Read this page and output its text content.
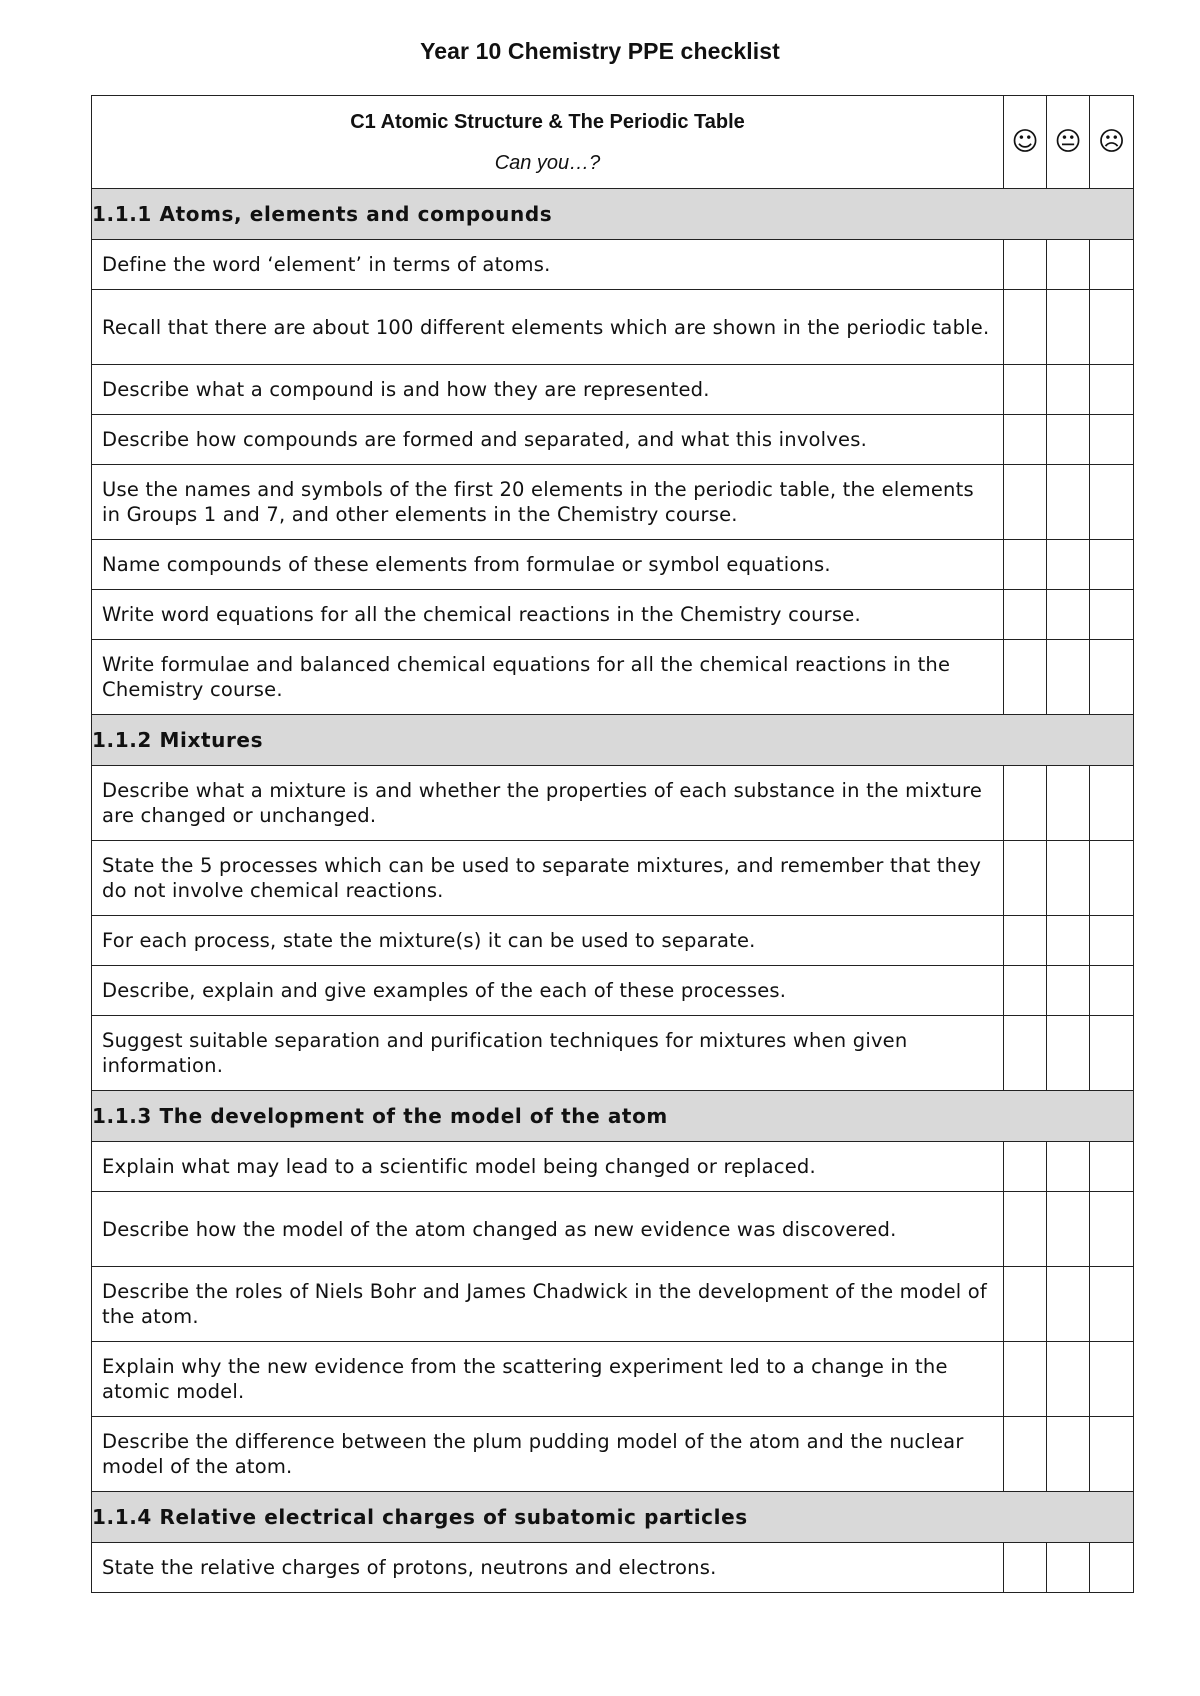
Year 10 Chemistry PPE checklist
C1 Atomic Structure & The Periodic Table
Can you…?	☺	😐	☹
1.1.1 Atoms, elements and compounds			
Define the word ‘element’ in terms of atoms.			
Recall that there are about 100 different elements which are shown in the periodic table.			
Describe what a compound is and how they are represented.			
Describe how compounds are formed and separated, and what this involves.			
Use the names and symbols of the first 20 elements in the periodic table, the elements in Groups 1 and 7, and other elements in the Chemistry course.			
Name compounds of these elements from formulae or symbol equations.			
Write word equations for all the chemical reactions in the Chemistry course.			
Write formulae and balanced chemical equations for all the chemical reactions in the Chemistry course.			
1.1.2 Mixtures			
Describe what a mixture is and whether the properties of each substance in the mixture are changed or unchanged.			
State the 5 processes which can be used to separate mixtures, and remember that they do not involve chemical reactions.			
For each process, state the mixture(s) it can be used to separate.			
Describe, explain and give examples of the each of these processes.			
Suggest suitable separation and purification techniques for mixtures when given information.			
1.1.3 The development of the model of the atom			
Explain what may lead to a scientific model being changed or replaced.			
Describe how the model of the atom changed as new evidence was discovered.			
Describe the roles of Niels Bohr and James Chadwick in the development of the model of the atom.			
Explain why the new evidence from the scattering experiment led to a change in the atomic model.			
Describe the difference between the plum pudding model of the atom and the nuclear model of the atom.			
1.1.4 Relative electrical charges of subatomic particles			
State the relative charges of protons, neutrons and electrons.			
